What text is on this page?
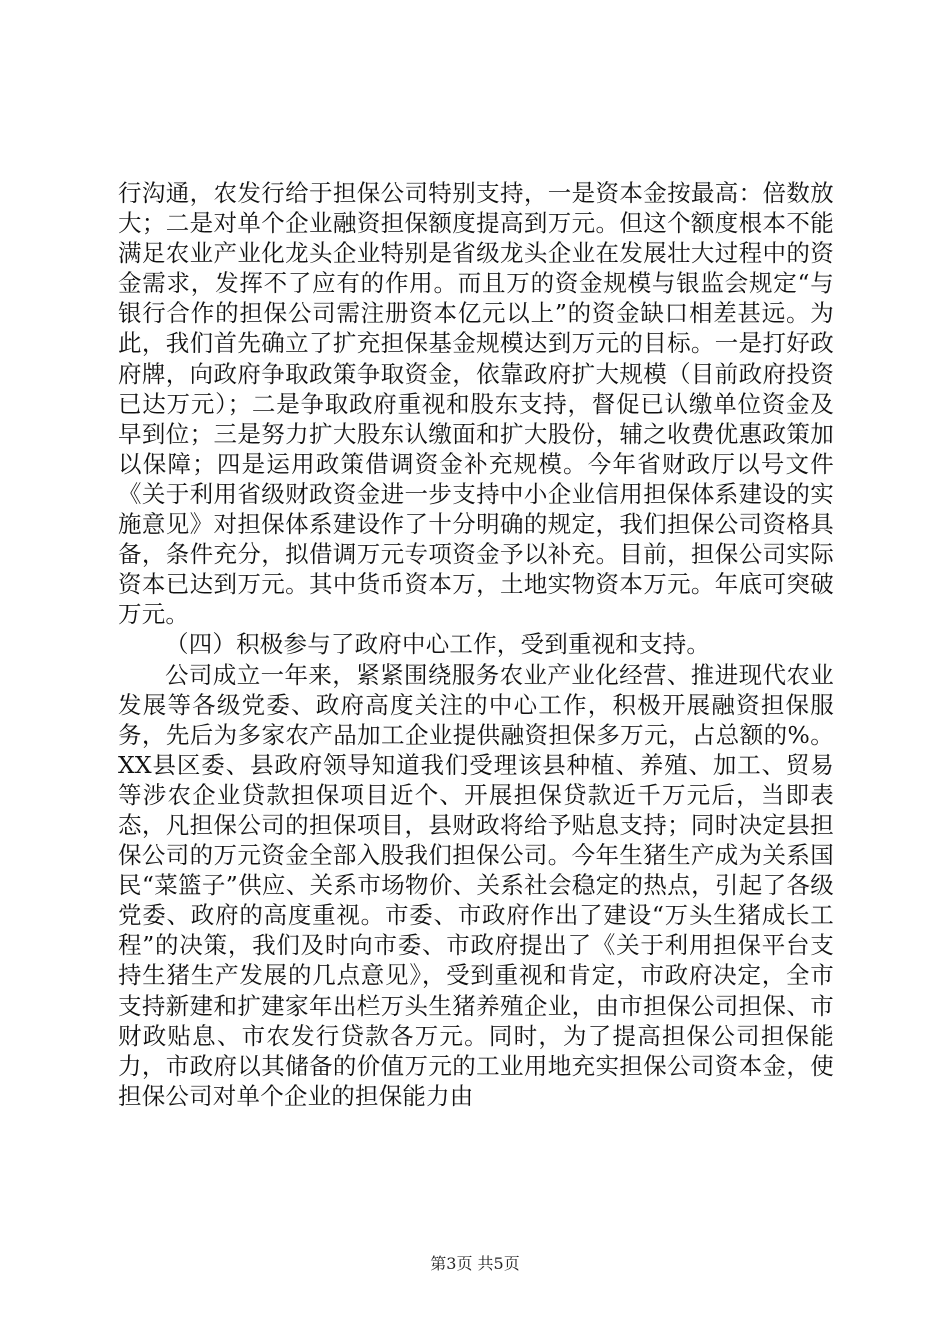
行沟通，农发行给于担保公司特别支持，一是资本金按最高：倍数放大；二是对单个企业融资担保额度提高到万元。但这个额度根本不能满足农业产业化龙头企业特别是省级龙头企业在发展壮大过程中的资金需求，发挥不了应有的作用。而且万的资金规模与银监会规定“与银行合作的担保公司需注册资本亿元以上”的资金缺口相差甚远。为此，我们首先确立了扩充担保基金规模达到万元的目标。一是打好政府牌，向政府争取政策争取资金，依靠政府扩大规模（目前政府投资已达万元）；二是争取政府重视和股东支持，督促已认缴单位资金及早到位；三是努力扩大股东认缴面和扩大股份，辅之收费优惠政策加以保障；四是运用政策借调资金补充规模。今年省财政厅以号文件《关于利用省级财政资金进一步支持中小企业信用担保体系建设的实施意见》对担保体系建设作了十分明确的规定，我们担保公司资格具备，条件充分，拟借调万元专项资金予以补充。目前，担保公司实际资本已达到万元。其中货币资本万，土地实物资本万元。年底可突破万元。

（四）积极参与了政府中心工作，受到重视和支持。

公司成立一年来，紧紧围绕服务农业产业化经营、推进现代农业发展等各级党委、政府高度关注的中心工作，积极开展融资担保服务，先后为多家农产品加工企业提供融资担保多万元，占总额的%。XX县区委、县政府领导知道我们受理该县种植、养殖、加工、贸易等涉农企业贷款担保项目近个、开展担保贷款近千万元后，当即表态，凡担保公司的担保项目，县财政将给予贴息支持；同时决定县担保公司的万元资金全部入股我们担保公司。今年生猪生产成为关系国民“菜篮子”供应、关系市场物价、关系社会稳定的热点，引起了各级党委、政府的高度重视。市委、市政府作出了建设“万头生猪成长工程”的决策，我们及时向市委、市政府提出了《关于利用担保平台支持生猪生产发展的几点意见》，受到重视和肯定，市政府决定，全市支持新建和扩建家年出栏万头生猪养殖企业，由市担保公司担保、市财政贴息、市农发行贷款各万元。同时，为了提高担保公司担保能力，市政府以其储备的价值万元的工业用地充实担保公司资本金，使担保公司对单个企业的担保能力由

第3页 共5页
